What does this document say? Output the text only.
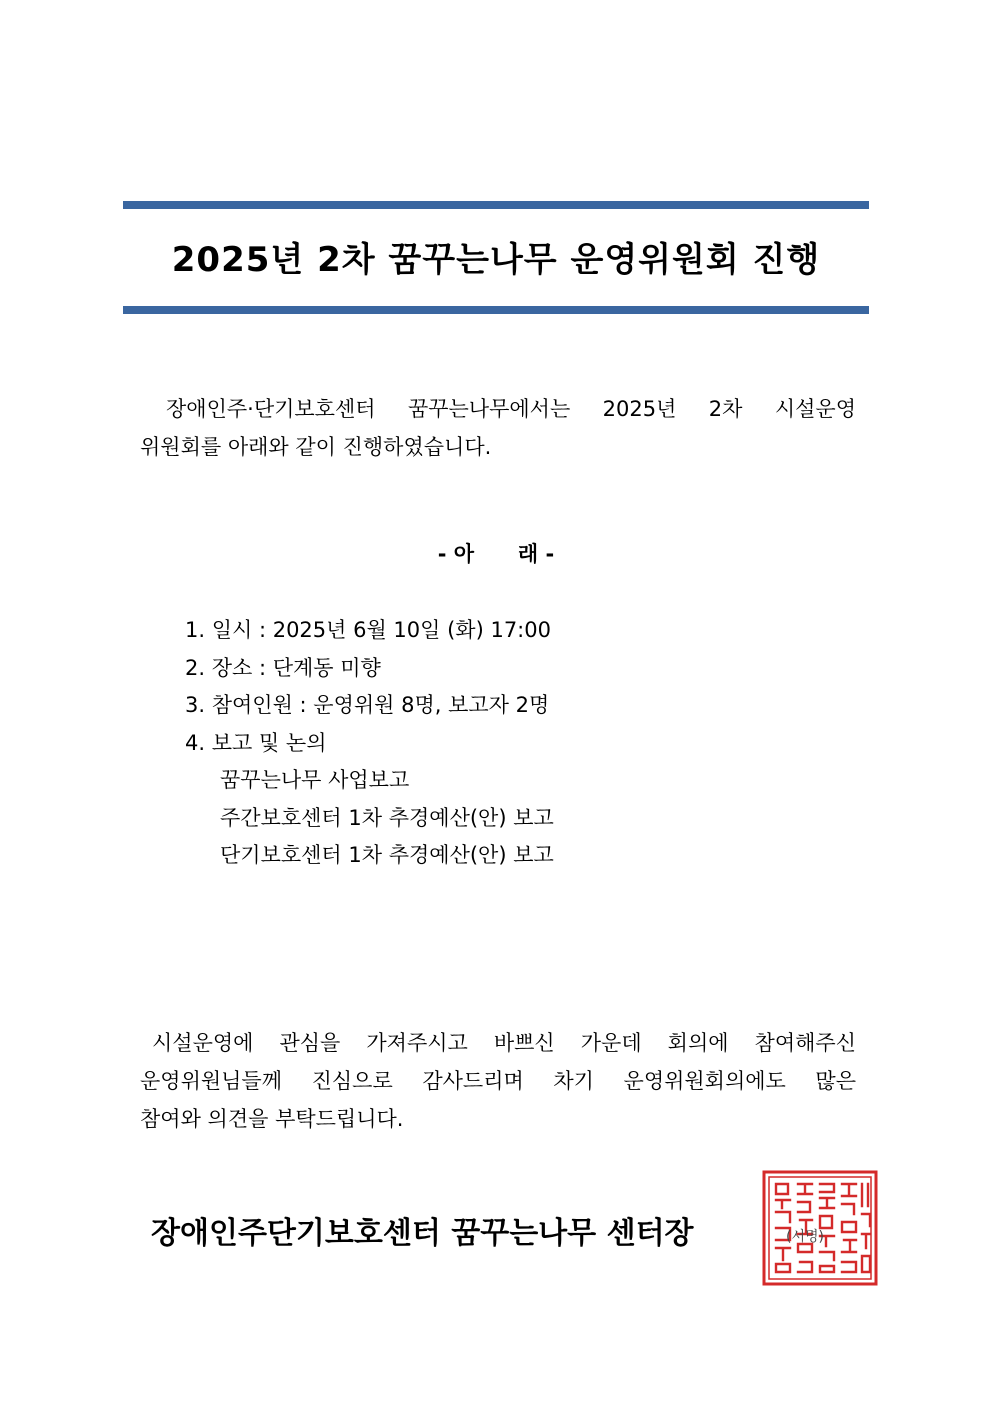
2025년 2차 꿈꾸는나무 운영위원회 진행
장애인주·단기보호센터 꿈꾸는나무에서는 2025년 2차 시설운영
위원회를 아래와 같이 진행하였습니다.
- 아      래 -
1. 일시 : 2025년 6월 10일 (화) 17:00
2. 장소 : 단계동 미향
3. 참여인원 : 운영위원 8명, 보고자 2명
4. 보고 및 논의
꿈꾸는나무 사업보고
주간보호센터 1차 추경예산(안) 보고
단기보호센터 1차 추경예산(안) 보고
시설운영에 관심을 가져주시고 바쁘신 가운데 회의에 참여해주신
운영위원님들께 진심으로 감사드리며 차기 운영위원회의에도 많은
참여와 의견을 부탁드립니다.
장애인주단기보호센터 꿈꾸는나무 센터장	(서명)
